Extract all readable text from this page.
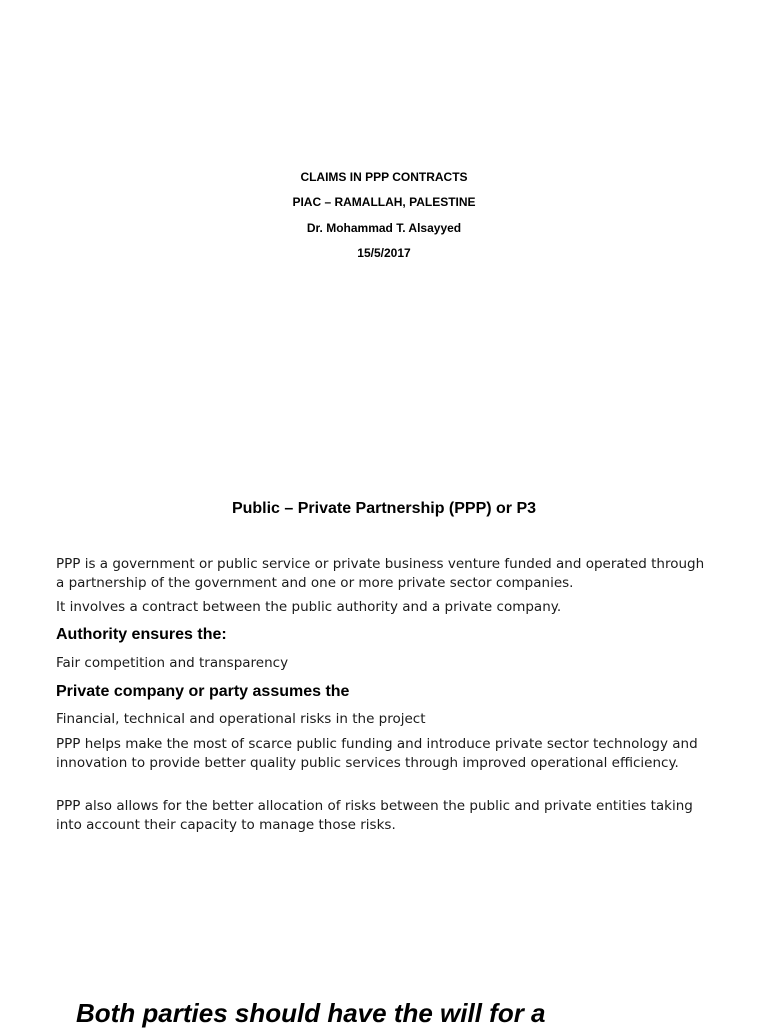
CLAIMS IN PPP CONTRACTS
PIAC – RAMALLAH, PALESTINE
Dr. Mohammad T. Alsayyed
15/5/2017
Public – Private Partnership (PPP) or P3
PPP is a government or public service or private business venture funded and operated through a partnership of the government and one or more private sector companies.
It involves a contract between the public authority and a private company.
Authority ensures the:
Fair competition and transparency
Private company or party assumes the
Financial, technical and operational risks in the project
PPP helps make the most of scarce public funding and introduce private sector technology and innovation to provide better quality public services through improved operational efficiency.
PPP also allows for the better allocation of risks between the public and private entities taking into account their capacity to manage those risks.
Both parties should have the will for a
